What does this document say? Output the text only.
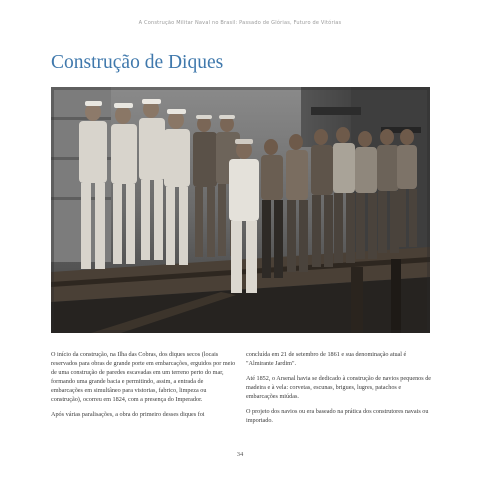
A Construção Militar Naval no Brasil: Passado de Glórias, Futuro de Vitórias
Construção de Diques

O início da construção, na Ilha das Cobras, dos diques secos (locais reservados para obras de grande porte em embarcações, erguidos por meio de uma construção de paredes escavadas em um terreno perto do mar, formando uma grande bacia e permitindo, assim, a entrada de embarcações em simultâneo para vistorias, fabrico, limpeza ou construção), ocorreu em 1824, com a presença do Imperador.

Após várias paralisações, a obra do primeiro desses diques foi

concluída em 21 de setembro de 1861 e sua denominação atual é "Almirante Jardim".

Até 1852, o Arsenal havia se dedicado à construção de navios pequenos de madeira e à vela: corvetas, escunas, brigues, lugres, patachos e embarcações miúdas.

O projeto dos navios ou era baseado na prática dos construtores navais ou importado.

34
